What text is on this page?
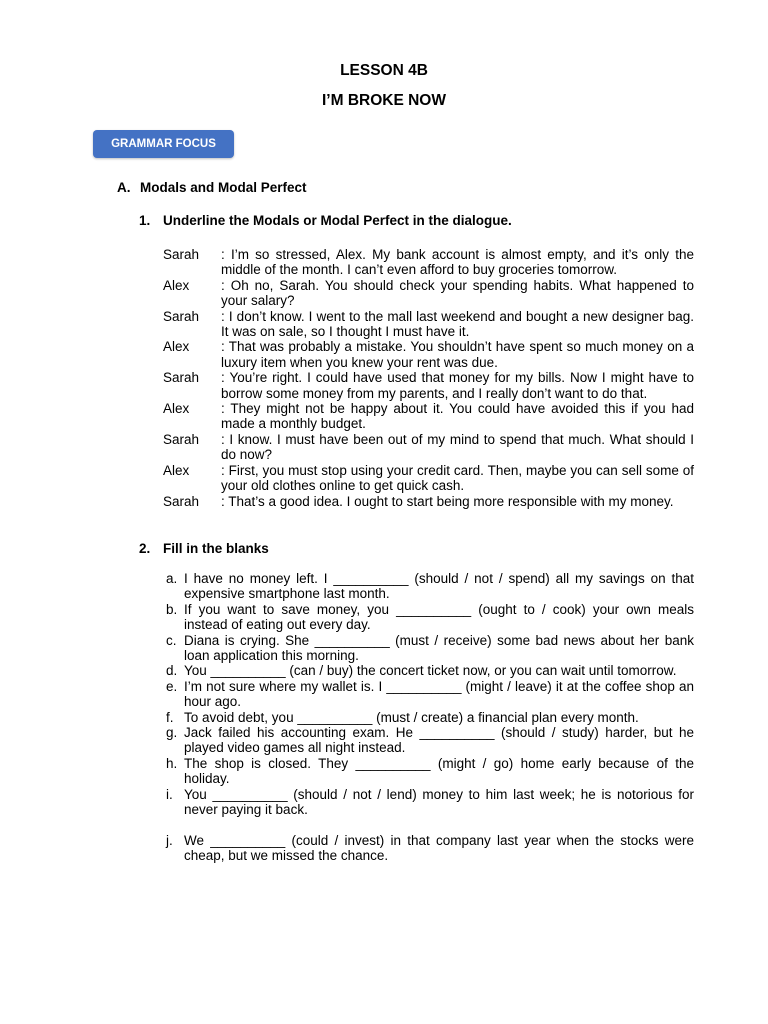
LESSON 4B
I’M BROKE NOW
GRAMMAR FOCUS
A. Modals and Modal Perfect
1. Underline the Modals or Modal Perfect in the dialogue.
Sarah	: I’m so stressed, Alex. My bank account is almost empty, and it’s only the middle of the month. I can’t even afford to buy groceries tomorrow.
Alex	: Oh no, Sarah. You should check your spending habits. What happened to your salary?
Sarah	: I don’t know. I went to the mall last weekend and bought a new designer bag. It was on sale, so I thought I must have it.
Alex	: That was probably a mistake. You shouldn’t have spent so much money on a luxury item when you knew your rent was due.
Sarah	: You’re right. I could have used that money for my bills. Now I might have to borrow some money from my parents, and I really don’t want to do that.
Alex	: They might not be happy about it. You could have avoided this if you had made a monthly budget.
Sarah	: I know. I must have been out of my mind to spend that much. What should I do now?
Alex	: First, you must stop using your credit card. Then, maybe you can sell some of your old clothes online to get quick cash.
Sarah	: That’s a good idea. I ought to start being more responsible with my money.
2. Fill in the blanks
a. I have no money left. I __________ (should / not / spend) all my savings on that expensive smartphone last month.
b. If you want to save money, you __________ (ought to / cook) your own meals instead of eating out every day.
c. Diana is crying. She __________ (must / receive) some bad news about her bank loan application this morning.
d. You __________ (can / buy) the concert ticket now, or you can wait until tomorrow.
e. I’m not sure where my wallet is. I __________ (might / leave) it at the coffee shop an hour ago.
f. To avoid debt, you __________ (must / create) a financial plan every month.
g. Jack failed his accounting exam. He __________ (should / study) harder, but he played video games all night instead.
h. The shop is closed. They __________ (might / go) home early because of the holiday.
i. You __________ (should / not / lend) money to him last week; he is notorious for never paying it back.
j. We __________ (could / invest) in that company last year when the stocks were cheap, but we missed the chance.
